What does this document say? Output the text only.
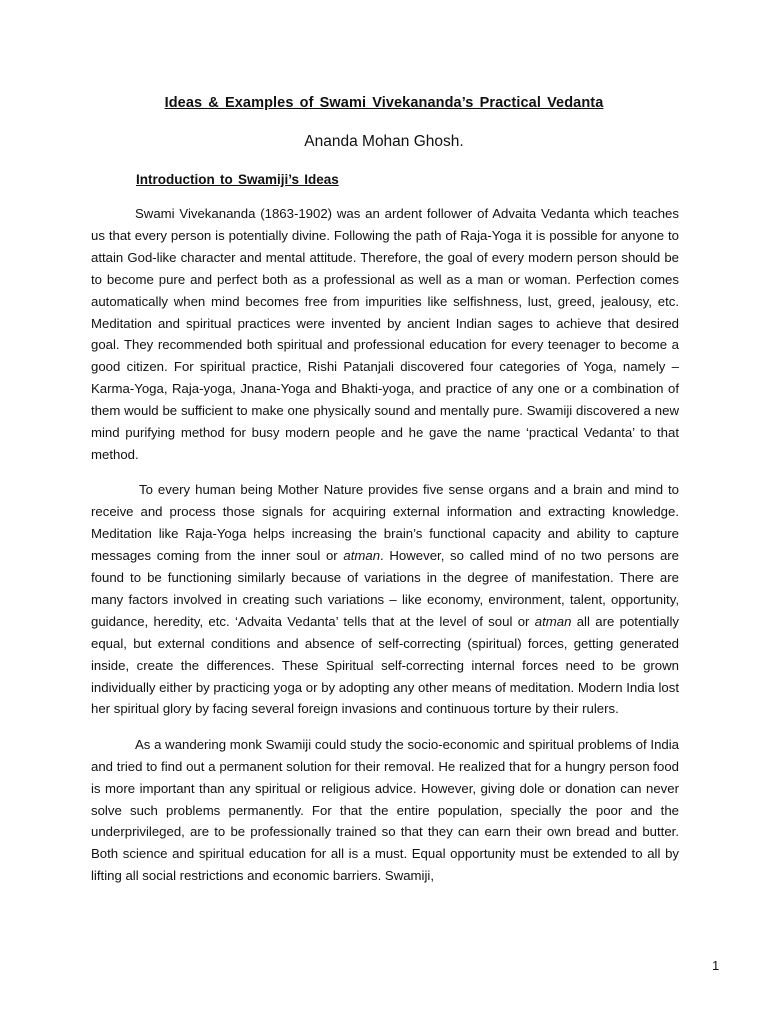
Ideas & Examples of Swami Vivekananda’s Practical Vedanta
Ananda Mohan Ghosh.
Introduction to Swamiji’s Ideas

Swami Vivekananda (1863-1902) was an ardent follower of Advaita Vedanta which teaches us that every person is potentially divine. Following the path of Raja-Yoga it is possible for anyone to attain God-like character and mental attitude. Therefore, the goal of every modern person should be to become pure and perfect both as a professional as well as a man or woman. Perfection comes automatically when mind becomes free from impurities like selfishness, lust, greed, jealousy, etc. Meditation and spiritual practices were invented by ancient Indian sages to achieve that desired goal. They recommended both spiritual and professional education for every teenager to become a good citizen. For spiritual practice, Rishi Patanjali discovered four categories of Yoga, namely – Karma-Yoga, Raja-yoga, Jnana-Yoga and Bhakti-yoga, and practice of any one or a combination of them would be sufficient to make one physically sound and mentally pure. Swamiji discovered a new mind purifying method for busy modern people and he gave the name ‘practical Vedanta’ to that method.

To every human being Mother Nature provides five sense organs and a brain and mind to receive and process those signals for acquiring external information and extracting knowledge. Meditation like Raja-Yoga helps increasing the brain’s functional capacity and ability to capture messages coming from the inner soul or atman. However, so called mind of no two persons are found to be functioning similarly because of variations in the degree of manifestation. There are many factors involved in creating such variations – like economy, environment, talent, opportunity, guidance, heredity, etc. ‘Advaita Vedanta’ tells that at the level of soul or atman all are potentially equal, but external conditions and absence of self-correcting (spiritual) forces, getting generated inside, create the differences. These Spiritual self-correcting internal forces need to be grown individually either by practicing yoga or by adopting any other means of meditation. Modern India lost her spiritual glory by facing several foreign invasions and continuous torture by their rulers.

As a wandering monk Swamiji could study the socio-economic and spiritual problems of India and tried to find out a permanent solution for their removal. He realized that for a hungry person food is more important than any spiritual or religious advice. However, giving dole or donation can never solve such problems permanently. For that the entire population, specially the poor and the underprivileged, are to be professionally trained so that they can earn their own bread and butter. Both science and spiritual education for all is a must. Equal opportunity must be extended to all by lifting all social restrictions and economic barriers. Swamiji,

1
